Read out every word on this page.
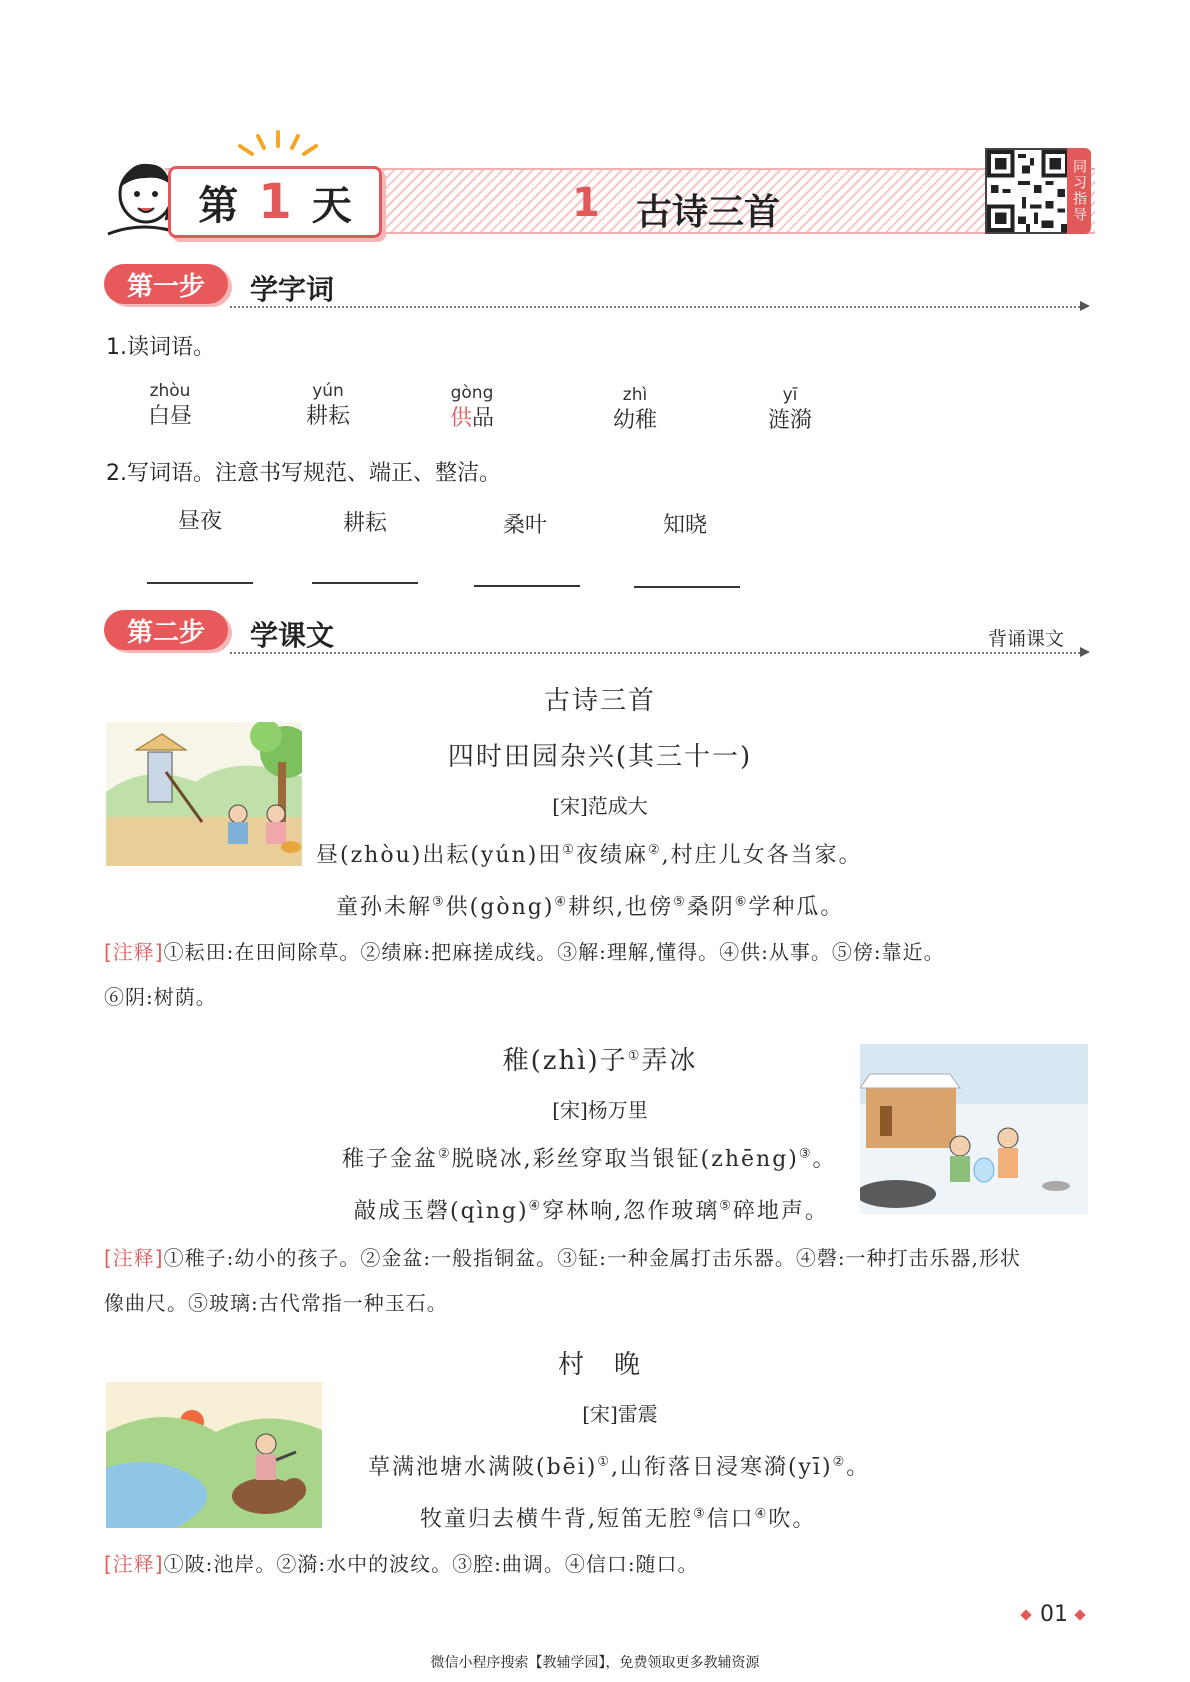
第 1 天	1 古诗三首	同习指导
第一步	学字词
1.读词语。
zhòu
白昼
yún
耕耘
gòng
供品
zhì
幼稚
yī
涟漪
2.写词语。注意书写规范、端正、整洁。
昼夜	耕耘	桑叶	知晓
第二步	学课文	背诵课文
古诗三首
四时田园杂兴(其三十一)
[宋]范成大
昼(zhòu)出耘(yún)田①夜绩麻②,村庄儿女各当家。
童孙未解③供(gòng)④耕织,也傍⑤桑阴⑥学种瓜。
[注释]①耘田:在田间除草。②绩麻:把麻搓成线。③解:理解,懂得。④供:从事。⑤傍:靠近。
⑥阴:树荫。
稚(zhì)子①弄冰
[宋]杨万里
稚子金盆②脱晓冰,彩丝穿取当银钲(zhēng)③。
敲成玉磬(qìng)④穿林响,忽作玻璃⑤碎地声。
[注释]①稚子:幼小的孩子。②金盆:一般指铜盆。③钲:一种金属打击乐器。④磬:一种打击乐器,形状
像曲尺。⑤玻璃:古代常指一种玉石。
村　晚
[宋]雷震
草满池塘水满陂(bēi)①,山衔落日浸寒漪(yī)②。
牧童归去横牛背,短笛无腔③信口④吹。
[注释]①陂:池岸。②漪:水中的波纹。③腔:曲调。④信口:随口。
01
微信小程序搜索【教辅学园】，免费领取更多教辅资源
